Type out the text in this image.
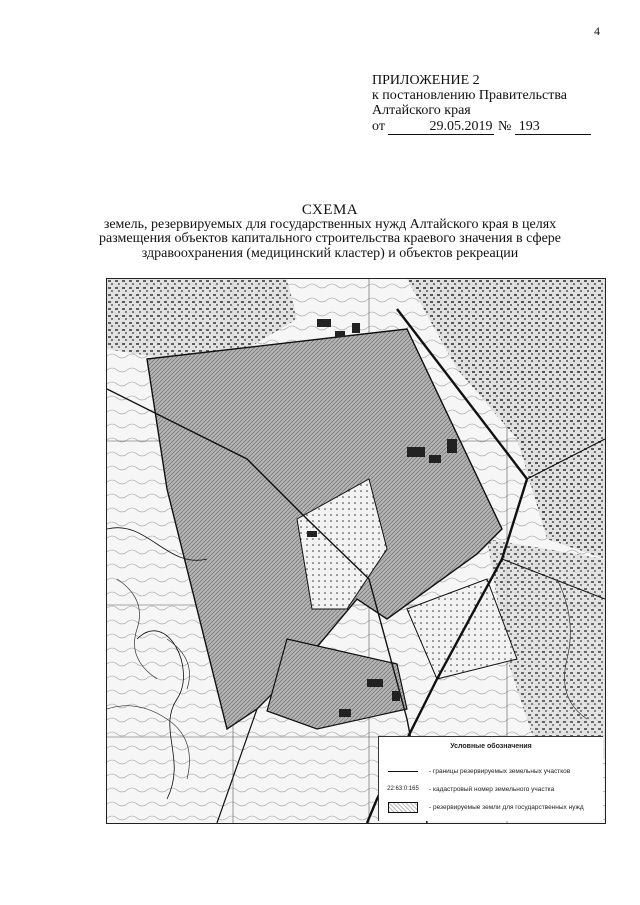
4
ПРИЛОЖЕНИЕ 2
к постановлению Правительства
Алтайского края
от	29.05.2019 № 193
СХЕМА
земель, резервируемых для государственных нужд Алтайского края в целях
размещения объектов капитального строительства краевого значения в сфере
здравоохранения (медицинский кластер) и объектов рекреации
Условные обозначения
- границы резервируемых земельных участков
22:63:0:165	- кадастровый номер земельного участка
- резервируемые земли для государственных нужд
